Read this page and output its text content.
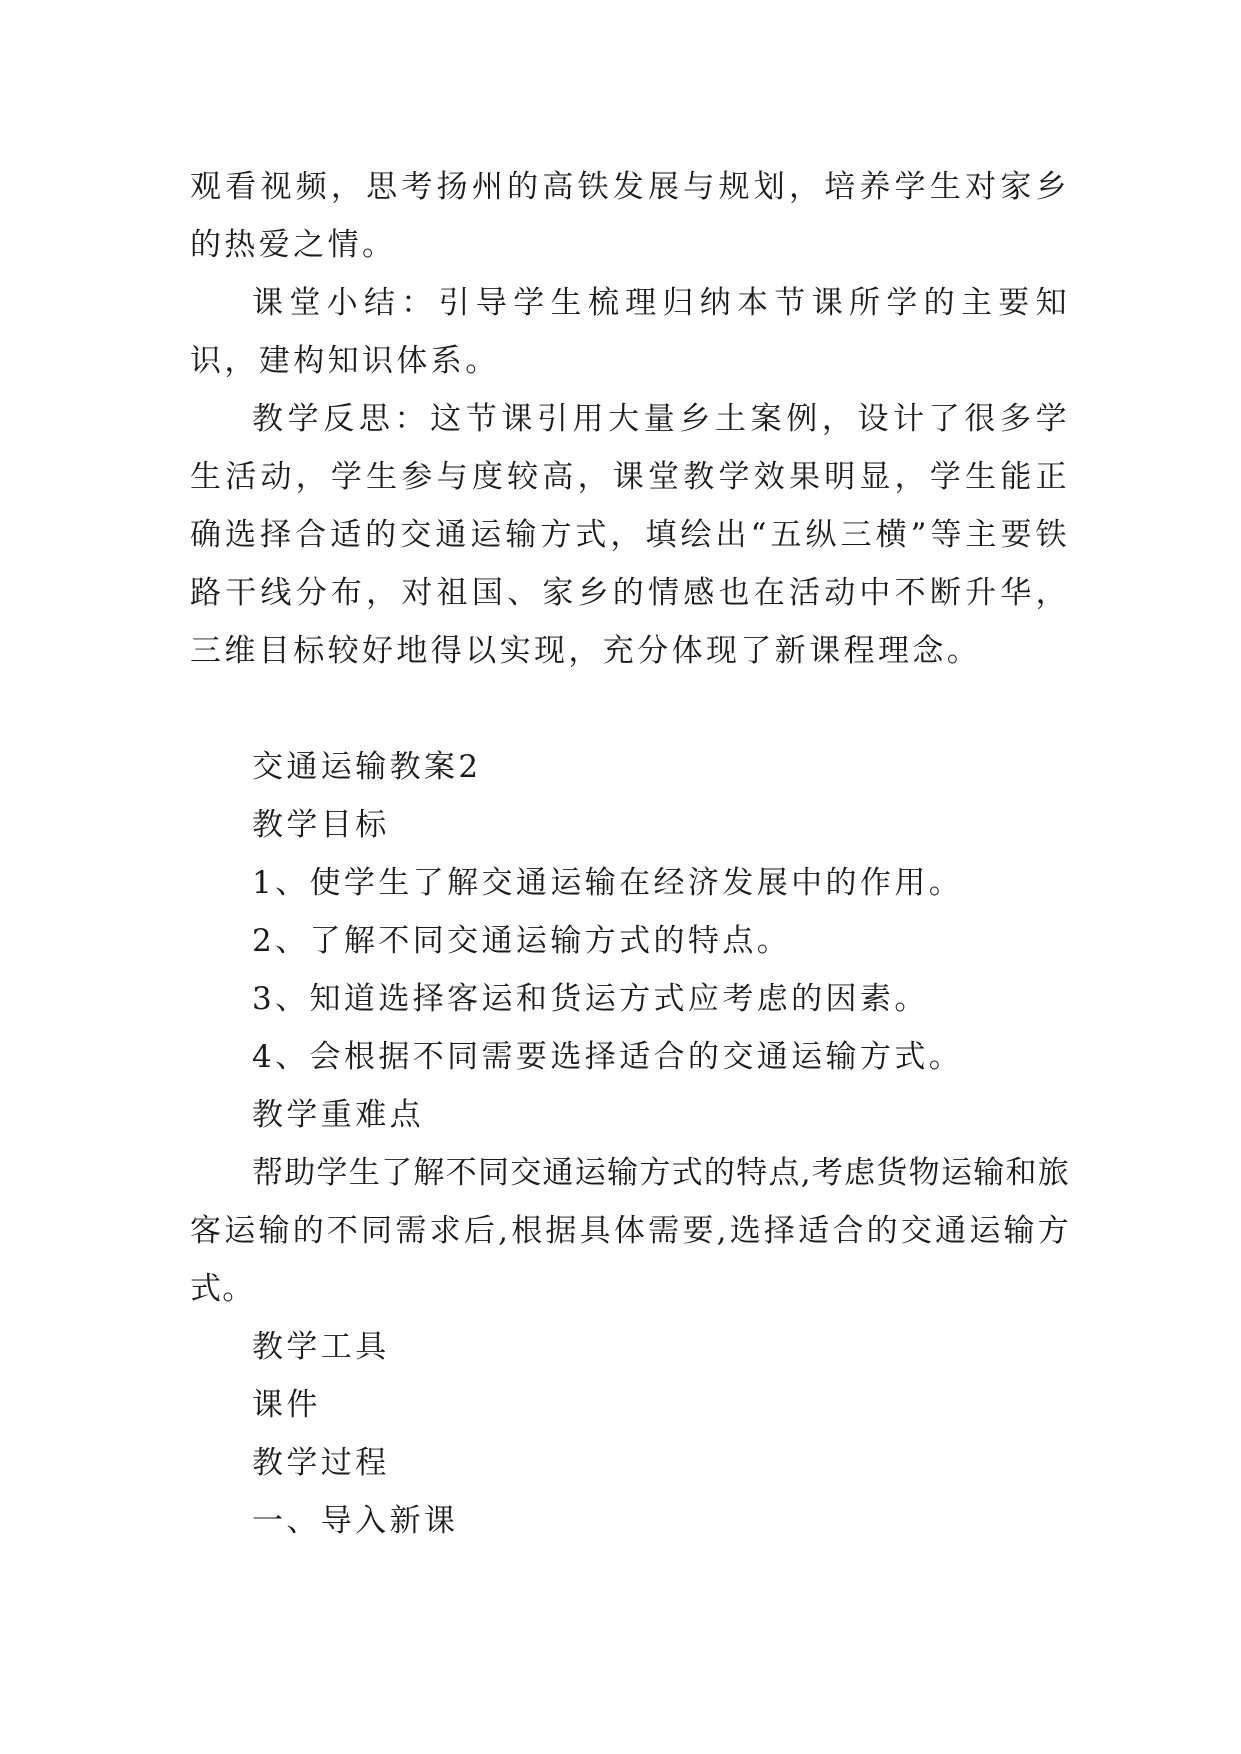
观看视频，思考扬州的高铁发展与规划，培养学生对家乡的热爱之情。

课堂小结：引导学生梳理归纳本节课所学的主要知识，建构知识体系。

教学反思：这节课引用大量乡土案例，设计了很多学生活动，学生参与度较高，课堂教学效果明显，学生能正确选择合适的交通运输方式，填绘出“五纵三横”等主要铁路干线分布，对祖国、家乡的情感也在活动中不断升华，三维目标较好地得以实现，充分体现了新课程理念。

交通运输教案2

教学目标

1、使学生了解交通运输在经济发展中的作用。

2、了解不同交通运输方式的特点。

3、知道选择客运和货运方式应考虑的因素。

4、会根据不同需要选择适合的交通运输方式。

教学重难点

帮助学生了解不同交通运输方式的特点,考虑货物运输和旅客运输的不同需求后,根据具体需要,选择适合的交通运输方式。

教学工具

课件

教学过程

一、导入新课
